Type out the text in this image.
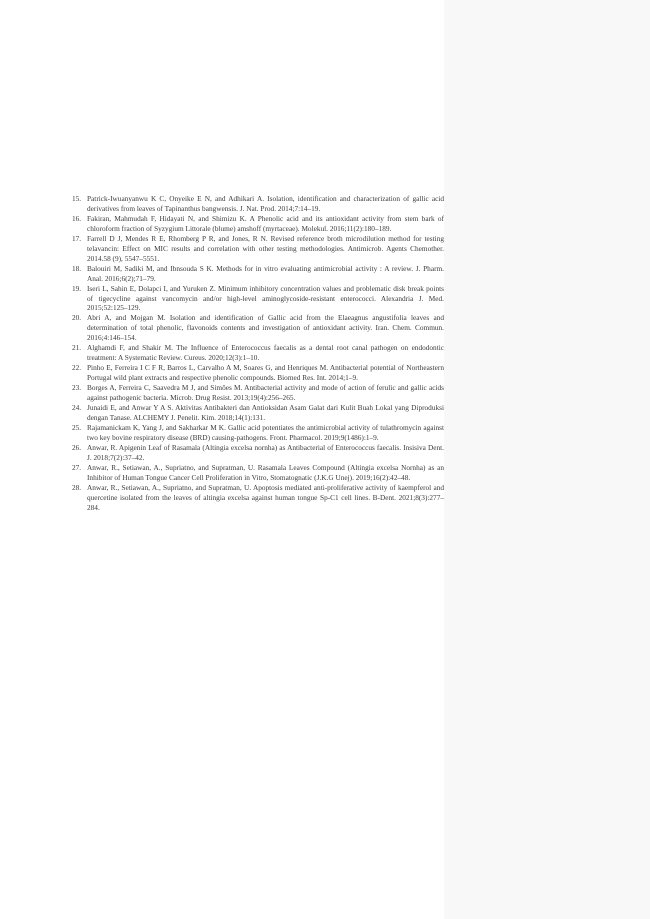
15. Patrick-Iwuanyanwu K C, Onyeike E N, and Adhikari A. Isolation, identification and characterization of gallic acid derivatives from leaves of Tapinanthus bangwensis. J. Nat. Prod. 2014;7:14–19.
16. Fakiran, Mahmudah F, Hidayati N, and Shimizu K. A Phenolic acid and its antioxidant activity from stem bark of chloroform fraction of Syzygium Littorale (blume) amshoff (myrtaceae). Molekul. 2016;11(2):180–189.
17. Farrell D J, Mendes R E, Rhomberg P R, and Jones, R N. Revised reference broth microdilution method for testing telavancin: Effect on MIC results and correlation with other testing methodologies. Antimicrob. Agents Chemother. 2014.58 (9), 5547–5551.
18. Balouiri M, Sadiki M, and Ibnsouda S K. Methods for in vitro evaluating antimicrobial activity : A review. J. Pharm. Anal. 2016;6(2);71–79.
19. Iseri L, Sahin E, Dolapci I, and Yuruken Z. Minimum inhibitory concentration values and problematic disk break points of tigecycline against vancomycin and/or high-level aminoglycoside-resistant enterococci. Alexandria J. Med. 2015;52:125–129.
20. Abri A, and Mojgan M. Isolation and identification of Gallic acid from the Elaeagnus angustifolia leaves and determination of total phenolic, flavonoids contents and investigation of antioxidant activity. Iran. Chem. Commun. 2016;4:146–154.
21. Alghamdi F, and Shakir M. The Influence of Enterococcus faecalis as a dental root canal pathogen on endodontic treatment: A Systematic Review. Cureus. 2020;12(3):1–10.
22. Pinho E, Ferreira I C F R, Barros L, Carvalho A M, Soares G, and Henriques M. Antibacterial potential of Northeastern Portugal wild plant extracts and respective phenolic compounds. Biomed Res. Int. 2014;1–9.
23. Borges A, Ferreira C, Saavedra M J, and Simões M. Antibacterial activity and mode of action of ferulic and gallic acids against pathogenic bacteria. Microb. Drug Resist. 2013;19(4):256–265.
24. Junaidi E, and Anwar Y A S. Aktivitas Antibakteri dan Antioksidan Asam Galat dari Kulit Buah Lokal yang Diproduksi dengan Tanase. ALCHEMY J. Penelit. Kim. 2018;14(1):131.
25. Rajamanickam K, Yang J, and Sakharkar M K. Gallic acid potentiates the antimicrobial activity of tulathromycin against two key bovine respiratory disease (BRD) causing-pathogens. Front. Pharmacol. 2019;9(1486):1–9.
26. Anwar, R. Apigenin Leaf of Rasamala (Altingia excelsa nornha) as Antibacterial of Enterococcus faecalis. Insisiva Dent. J. 2018;7(2):37–42.
27. Anwar, R., Setiawan, A., Supriatno, and Supratman, U. Rasamala Leaves Compound (Altingia excelsa Nornha) as an Inhibitor of Human Tongue Cancer Cell Proliferation in Vitro, Stomatognatic (J.K.G Unej). 2019;16(2):42–48.
28. Anwar, R., Setiawan, A., Supriatno, and Supratman, U. Apoptosis mediated anti-proliferative activity of kaempferol and quercetine isolated from the leaves of altingia excelsa against human tongue Sp-C1 cell lines. B-Dent. 2021;8(3):277–284.
